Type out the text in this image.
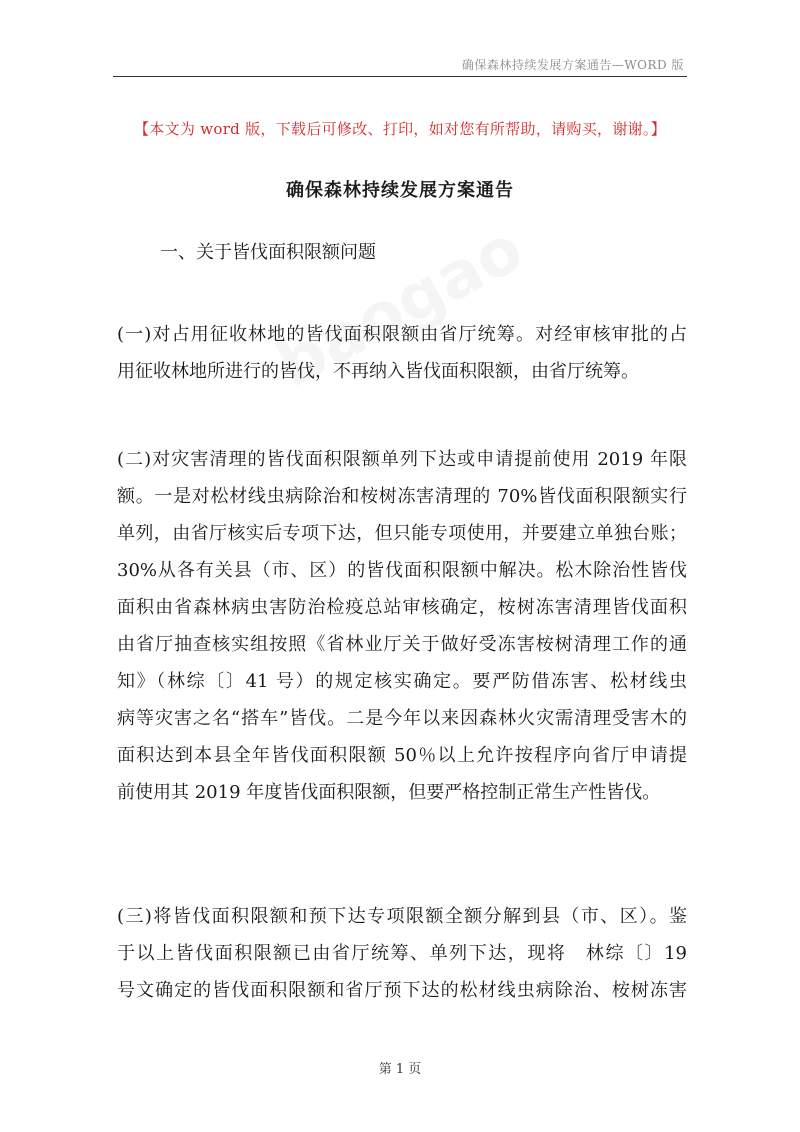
确保森林持续发展方案通告—WORD 版
【本文为 word 版，下载后可修改、打印，如对您有所帮助，请购买，谢谢。】
确保森林持续发展方案通告
一、关于皆伐面积限额问题
(一)对占用征收林地的皆伐面积限额由省厅统筹。对经审核审批的占
用征收林地所进行的皆伐，不再纳入皆伐面积限额，由省厅统筹。
(二)对灾害清理的皆伐面积限额单列下达或申请提前使用 2019 年限
额。一是对松材线虫病除治和桉树冻害清理的 70%皆伐面积限额实行
单列，由省厅核实后专项下达，但只能专项使用，并要建立单独台账；
30%从各有关县（市、区）的皆伐面积限额中解决。松木除治性皆伐
面积由省森林病虫害防治检疫总站审核确定，桉树冻害清理皆伐面积
由省厅抽查核实组按照《省林业厅关于做好受冻害桉树清理工作的通
知》（林综〔〕41 号）的规定核实确定。要严防借冻害、松材线虫
病等灾害之名“搭车”皆伐。二是今年以来因森林火灾需清理受害木的
面积达到本县全年皆伐面积限额 50％以上允许按程序向省厅申请提
前使用其 2019 年度皆伐面积限额，但要严格控制正常生产性皆伐。
(三)将皆伐面积限额和预下达专项限额全额分解到县（市、区）。鉴
于以上皆伐面积限额已由省厅统筹、单列下达，现将　林综〔〕19
号文确定的皆伐面积限额和省厅预下达的松材线虫病除治、桉树冻害
第 1 页
